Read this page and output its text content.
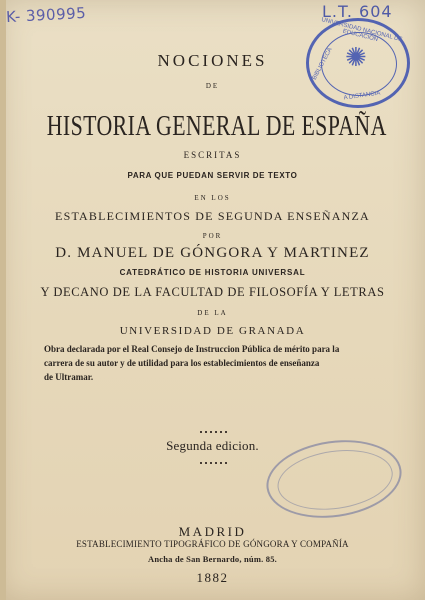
K- 390995	L.T. 604
UNIVERSIDAD NACIONAL DE EDUCACIÓN
BIBLIOTECA ✺
A DISTANCIA
NOCIONES
DE
HISTORIA GENERAL DE ESPAÑA
ESCRITAS
PARA QUE PUEDAN SERVIR DE TEXTO
EN LOS
ESTABLECIMIENTOS DE SEGUNDA ENSEÑANZA
POR
D. MANUEL DE GÓNGORA Y MARTINEZ
CATEDRÁTICO DE HISTORIA UNIVERSAL
Y DECANO DE LA FACULTAD DE FILOSOFÍA Y LETRAS
DE LA
UNIVERSIDAD DE GRANADA
Obra declarada por el Real Consejo de Instruccion Pública de mérito para la
carrera de su autor y de utilidad para los establecimientos de enseñanza
de Ultramar.
Segunda edicion.
MADRID
ESTABLECIMIENTO TIPOGRÁFICO DE GÓNGORA Y COMPAÑÍA
Ancha de San Bernardo, núm. 85.
1882
